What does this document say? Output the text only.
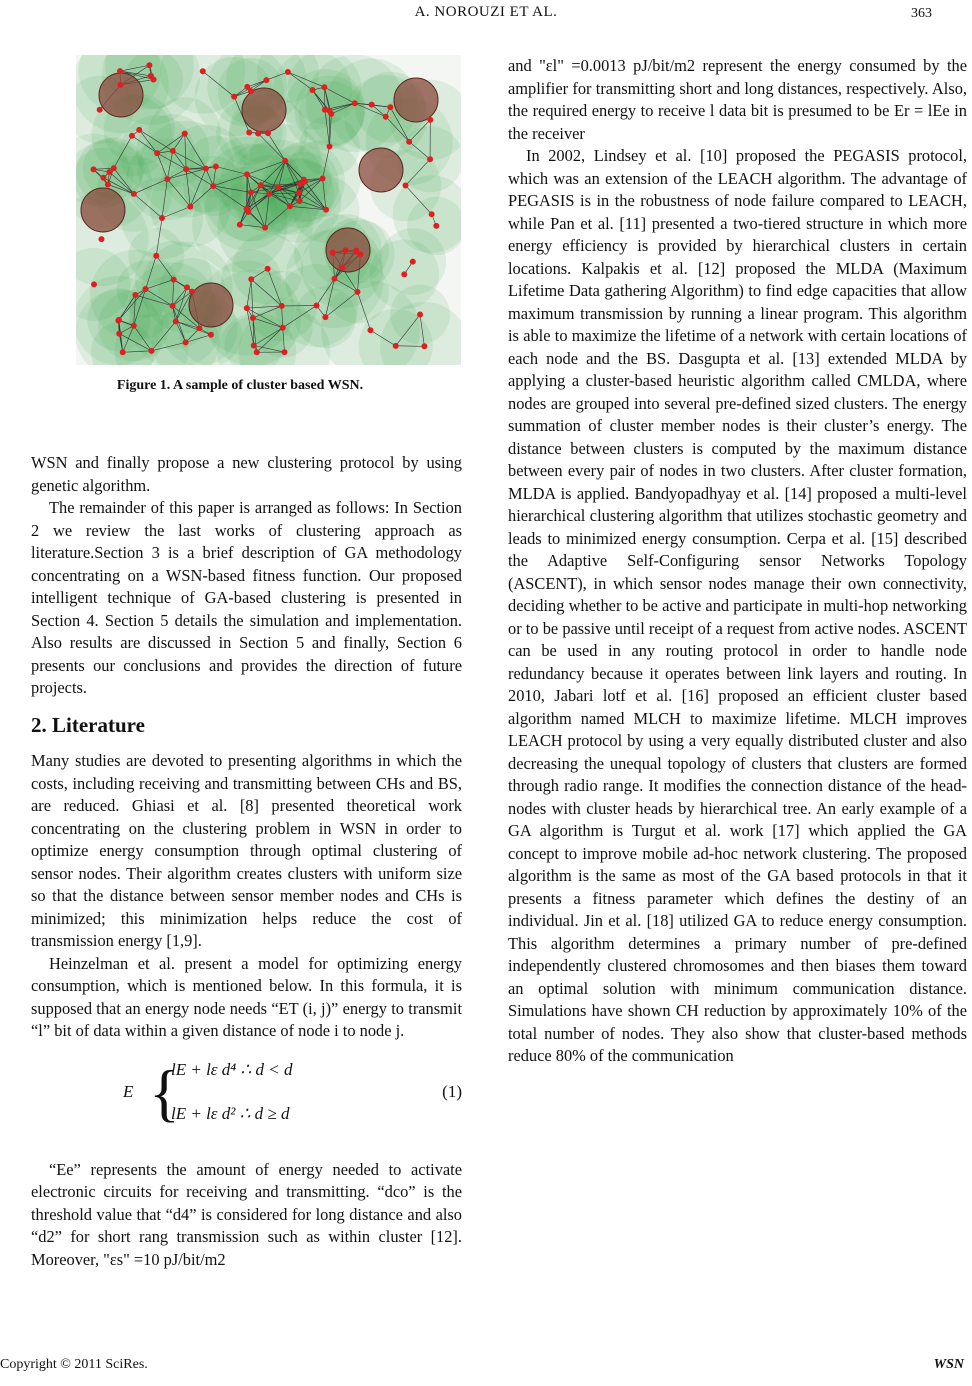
A. NOROUZI ET AL.	363
Figure 1. A sample of cluster based WSN.

WSN and finally propose a new clustering protocol by using genetic algorithm.

The remainder of this paper is arranged as follows: In Section 2 we review the last works of clustering approach as literature.Section 3 is a brief description of GA methodology concentrating on a WSN-based fitness function. Our proposed intelligent technique of GA-based clustering is presented in Section 4. Section 5 details the simulation and implementation. Also results are discussed in Section 5 and finally, Section 6 presents our conclusions and provides the direction of future projects.

2. Literature

Many studies are devoted to presenting algorithms in which the costs, including receiving and transmitting between CHs and BS, are reduced. Ghiasi et al. [8] presented theoretical work concentrating on the clustering problem in WSN in order to optimize energy consumption through optimal clustering of sensor nodes. Their algorithm creates clusters with uniform size so that the distance between sensor member nodes and CHs is minimized; this minimization helps reduce the cost of transmission energy [1,9].

Heinzelman et al. present a model for optimizing energy consumption, which is mentioned below. In this formula, it is supposed that an energy node needs “ET (i, j)” energy to transmit “l” bit of data within a given distance of node i to node j.

E {
lE + lε d⁴ ∴ d < d
lE + lε d² ∴ d ≥ d
(1)

“Ee” represents the amount of energy needed to activate electronic circuits for receiving and transmitting. “dco” is the threshold value that “d4” is considered for long distance and also “d2” for short rang transmission such as within cluster [12]. Moreover, "εs" =10 pJ/bit/m2

and "εl" =0.0013 pJ/bit/m2 represent the energy consumed by the amplifier for transmitting short and long distances, respectively. Also, the required energy to receive l data bit is presumed to be Er = lEe in the receiver

In 2002, Lindsey et al. [10] proposed the PEGASIS protocol, which was an extension of the LEACH algorithm. The advantage of PEGASIS is in the robustness of node failure compared to LEACH, while Pan et al. [11] presented a two-tiered structure in which more energy efficiency is provided by hierarchical clusters in certain locations. Kalpakis et al. [12] proposed the MLDA (Maximum Lifetime Data gathering Algorithm) to find edge capacities that allow maximum transmission by running a linear program. This algorithm is able to maximize the lifetime of a network with certain locations of each node and the BS. Dasgupta et al. [13] extended MLDA by applying a cluster-based heuristic algorithm called CMLDA, where nodes are grouped into several pre-defined sized clusters. The energy summation of cluster member nodes is their cluster’s energy. The distance between clusters is computed by the maximum distance between every pair of nodes in two clusters. After cluster formation, MLDA is applied. Bandyopadhyay et al. [14] proposed a multi-level hierarchical clustering algorithm that utilizes stochastic geometry and leads to minimized energy consumption. Cerpa et al. [15] described the Adaptive Self-Configuring sensor Networks Topology (ASCENT), in which sensor nodes manage their own connectivity, deciding whether to be active and participate in multi-hop networking or to be passive until receipt of a request from active nodes. ASCENT can be used in any routing protocol in order to handle node redundancy because it operates between link layers and routing. In 2010, Jabari lotf et al. [16] proposed an efficient cluster based algorithm named MLCH to maximize lifetime. MLCH improves LEACH protocol by using a very equally distributed cluster and also decreasing the unequal topology of clusters that clusters are formed through radio range. It modifies the connection distance of the head-nodes with cluster heads by hierarchical tree. An early example of a GA algorithm is Turgut et al. work [17] which applied the GA concept to improve mobile ad-hoc network clustering. The proposed algorithm is the same as most of the GA based protocols in that it presents a fitness parameter which defines the destiny of an individual. Jin et al. [18] utilized GA to reduce energy consumption. This algorithm determines a primary number of pre-defined independently clustered chromosomes and then biases them toward an optimal solution with minimum communication distance. Simulations have shown CH reduction by approximately 10% of the total number of nodes. They also show that cluster-based methods reduce 80% of the communication

Copyright © 2011 SciRes.	WSN
